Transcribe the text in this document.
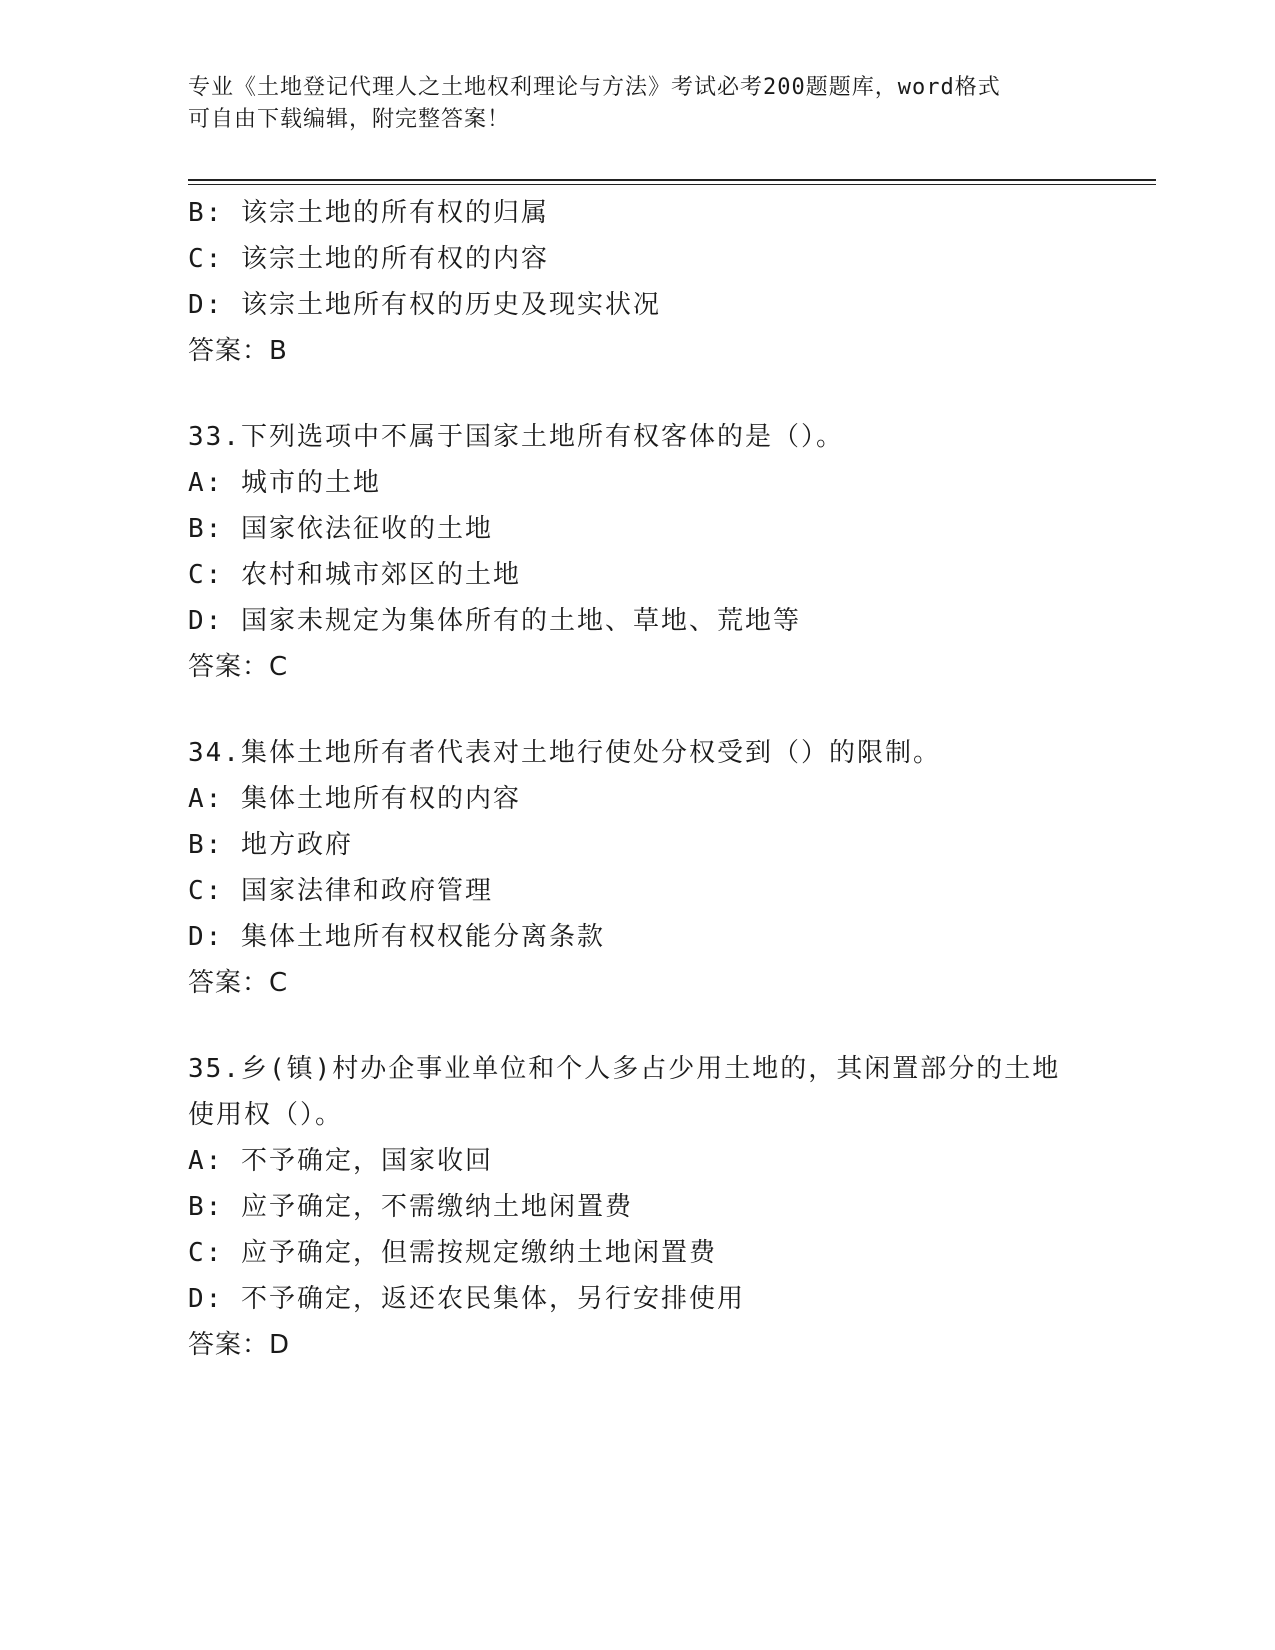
专业《土地登记代理人之土地权利理论与方法》考试必考200题题库，word格式
可自由下载编辑，附完整答案！
B: 该宗土地的所有权的归属
C: 该宗土地的所有权的内容
D: 该宗土地所有权的历史及现实状况
答案：B
33.下列选项中不属于国家土地所有权客体的是（）。
A: 城市的土地
B: 国家依法征收的土地
C: 农村和城市郊区的土地
D: 国家未规定为集体所有的土地、草地、荒地等
答案：C
34.集体土地所有者代表对土地行使处分权受到（）的限制。
A: 集体土地所有权的内容
B: 地方政府
C: 国家法律和政府管理
D: 集体土地所有权权能分离条款
答案：C
35.乡(镇)村办企事业单位和个人多占少用土地的，其闲置部分的土地使用权（）。
A: 不予确定，国家收回
B: 应予确定，不需缴纳土地闲置费
C: 应予确定，但需按规定缴纳土地闲置费
D: 不予确定，返还农民集体，另行安排使用
答案：D
